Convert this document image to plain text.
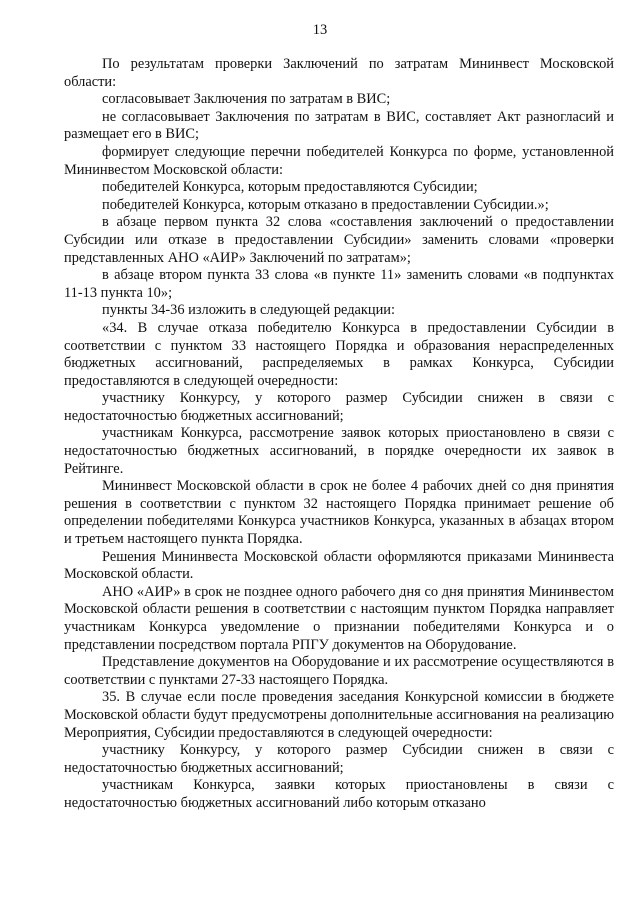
13

По результатам проверки Заключений по затратам Мининвест Московской области:

согласовывает Заключения по затратам в ВИС;

не согласовывает Заключения по затратам в ВИС, составляет Акт разногласий и размещает его в ВИС;

формирует следующие перечни победителей Конкурса по форме, установленной Мининвестом Московской области:

победителей Конкурса, которым предоставляются Субсидии;

победителей Конкурса, которым отказано в предоставлении Субсидии.»;

в абзаце первом пункта 32 слова «составления заключений о предоставлении Субсидии или отказе в предоставлении Субсидии» заменить словами «проверки представленных АНО «АИР» Заключений по затратам»;

в абзаце втором пункта 33 слова «в пункте 11» заменить словами «в подпунктах 11-13 пункта 10»;

пункты 34-36 изложить в следующей редакции:

«34. В случае отказа победителю Конкурса в предоставлении Субсидии в соответствии с пунктом 33 настоящего Порядка и образования нераспределенных бюджетных ассигнований, распределяемых в рамках Конкурса, Субсидии предоставляются в следующей очередности:

участнику Конкурсу, у которого размер Субсидии снижен в связи с недостаточностью бюджетных ассигнований;

участникам Конкурса, рассмотрение заявок которых приостановлено в связи с недостаточностью бюджетных ассигнований, в порядке очередности их заявок в Рейтинге.

Мининвест Московской области в срок не более 4 рабочих дней со дня принятия решения в соответствии с пунктом 32 настоящего Порядка принимает решение об определении победителями Конкурса участников Конкурса, указанных в абзацах втором и третьем настоящего пункта Порядка.

Решения Мининвеста Московской области оформляются приказами Мининвеста Московской области.

АНО «АИР» в срок не позднее одного рабочего дня со дня принятия Мининвестом Московской области решения в соответствии с настоящим пунктом Порядка направляет участникам Конкурса уведомление о признании победителями Конкурса и о представлении посредством портала РПГУ документов на Оборудование.

Представление документов на Оборудование и их рассмотрение осуществляются в соответствии с пунктами 27-33 настоящего Порядка.

35. В случае если после проведения заседания Конкурсной комиссии в бюджете Московской области будут предусмотрены дополнительные ассигнования на реализацию Мероприятия, Субсидии предоставляются в следующей очередности:

участнику Конкурсу, у которого размер Субсидии снижен в связи с недостаточностью бюджетных ассигнований;

участникам Конкурса, заявки которых приостановлены в связи с недостаточностью бюджетных ассигнований либо которым отказано
